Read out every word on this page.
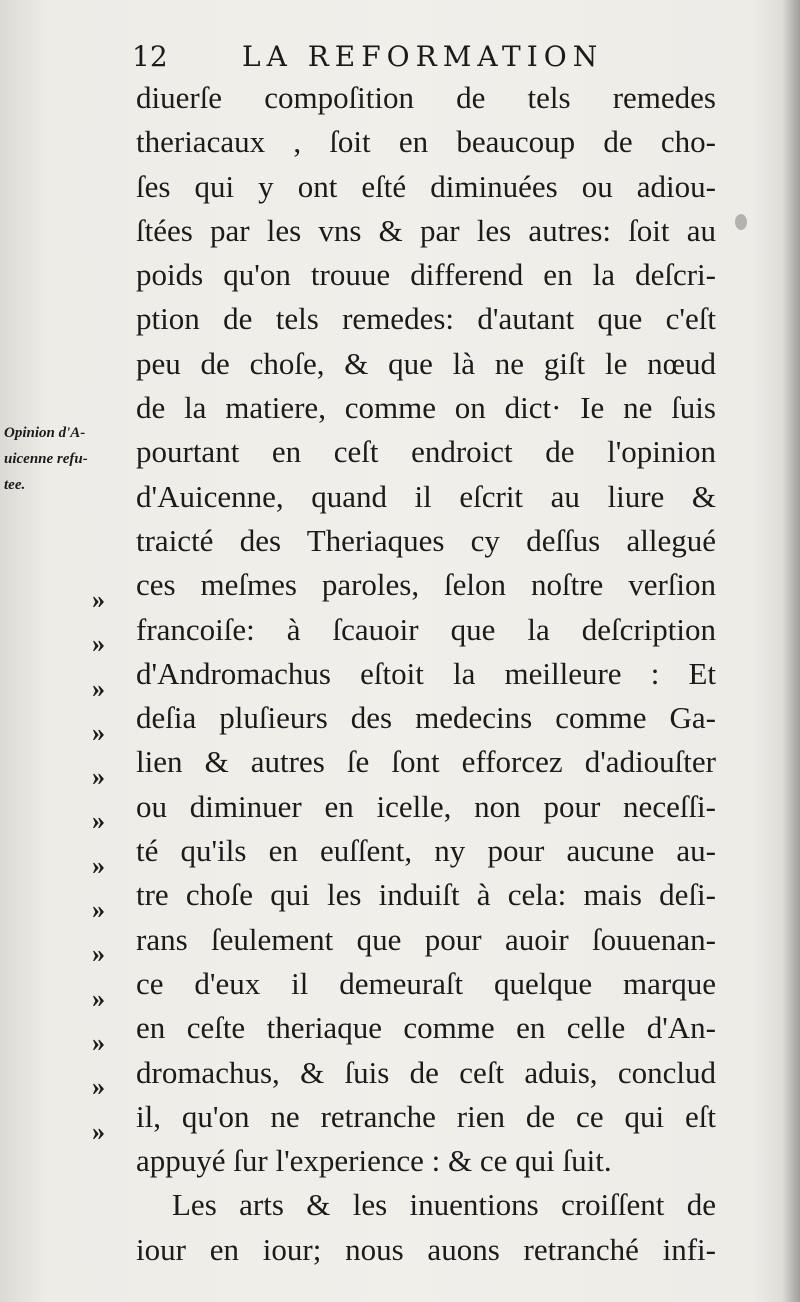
12	LA REFORMATION
Opinion d'A-
uicenne refu-
tee.
»
»
»
»
»
»
»
»
»
»
»
»
»
diuerſe compoſition de tels remedes
theriacaux , ſoit en beaucoup de cho-
ſes qui y ont eſté diminuées ou adiou-
ſtées par les vns & par les autres: ſoit au
poids qu'on trouue differend en la deſcri-
ption de tels remedes: d'autant que c'eſt
peu de choſe, & que là ne giſt le nœud
de la matiere, comme on dict· Ie ne ſuis
pourtant en ceſt endroict de l'opinion
d'Auicenne, quand il eſcrit au liure &
traicté des Theriaques cy deſſus allegué
ces meſmes paroles, ſelon noſtre verſion
francoiſe: à ſcauoir que la deſcription
d'Andromachus eſtoit la meilleure : Et
deſia pluſieurs des medecins comme Ga-
lien & autres ſe ſont efforcez d'adiouſter
ou diminuer en icelle, non pour neceſſi-
té qu'ils en euſſent, ny pour aucune au-
tre choſe qui les induiſt à cela: mais deſi-
rans ſeulement que pour auoir ſouuenan-
ce d'eux il demeuraſt quelque marque
en ceſte theriaque comme en celle d'An-
dromachus, & ſuis de ceſt aduis, conclud
il, qu'on ne retranche rien de ce qui eſt
appuyé ſur l'experience : & ce qui ſuit.
Les arts & les inuentions croiſſent de
iour en iour; nous auons retranché infi-
